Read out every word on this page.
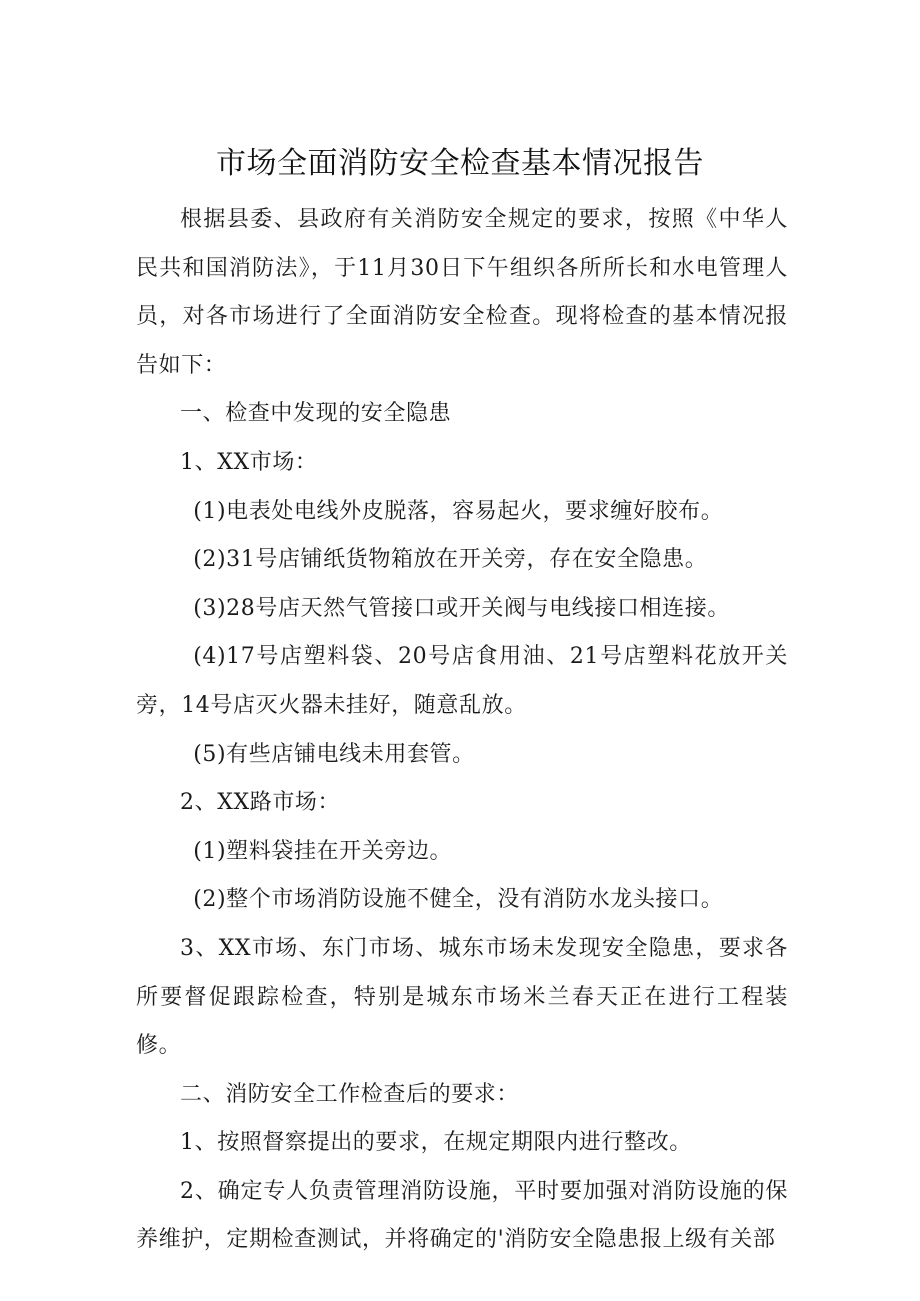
市场全面消防安全检查基本情况报告

根据县委、县政府有关消防安全规定的要求，按照《中华人民共和国消防法》，于11月30日下午组织各所所长和水电管理人员，对各市场进行了全面消防安全检查。现将检查的基本情况报告如下：

一、检查中发现的安全隐患

1、XX市场：

(1)电表处电线外皮脱落，容易起火，要求缠好胶布。

(2)31号店铺纸货物箱放在开关旁，存在安全隐患。

(3)28号店天然气管接口或开关阀与电线接口相连接。

(4)17号店塑料袋、20号店食用油、21号店塑料花放开关旁，14号店灭火器未挂好，随意乱放。

(5)有些店铺电线未用套管。

2、XX路市场：

(1)塑料袋挂在开关旁边。

(2)整个市场消防设施不健全，没有消防水龙头接口。

3、XX市场、东门市场、城东市场未发现安全隐患，要求各所要督促跟踪检查，特别是城东市场米兰春天正在进行工程装修。

二、消防安全工作检查后的要求：

1、按照督察提出的要求，在规定期限内进行整改。

2、确定专人负责管理消防设施，平时要加强对消防设施的保养维护，定期检查测试，并将确定的'消防安全隐患报上级有关部
